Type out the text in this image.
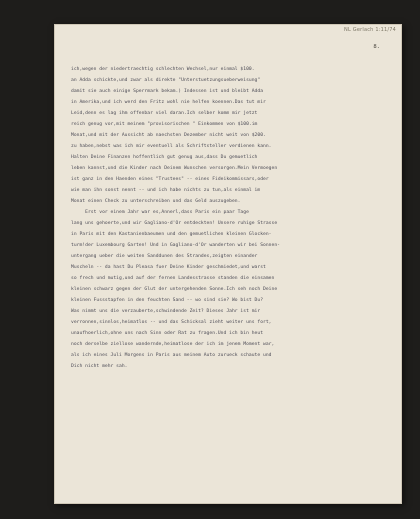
NL Gerlach 1:11/74
8.
ich,wegen der niedertraechtig schlechten Wechsel,nur einmal $100.
an Adda schickte,und zwar als direkte "Unterstuetzungsueberweisung"
damit sie auch einige Sperrmark bekam.) Indessen ist und bleibt Adda
in Amerika,und ich werd den Fritz wohl nie helfen koennen.Das tut mir
Leid,denn es lag ihm offenbar viel daran.Ich selber komm mir jetzt
reich genug vor,mit meinem "provisorischen " Einkommen von $100.im
Monat,und mit der Aussicht ab naechsten Dezember nicht weit von $200.
zu haben,nebst was ich mir eventuell als Schriftsteller verdienen kann.
Halten Deine Finanzen hoffentlich gut genug aus,dass Du gemuetlich
leben kannst,und die Kinder nach Deinem Wunschen versorgen.Mein Vermoegen
ist ganz in den Haenden eines "Trustees" -- eines Fideikommissars,oder
wie man ihn sonst nennt -- und ich habe nichts zu tun,als einmal im
Monat einen Check zu unterschreiben und das Geld auszugeben.
Erst vor einem Jahr war es,Annerl,dass Paris ein paar Tage
lang uns gehoerte,und wir Gagliano-d'Or entdeckten! Unsere ruhige Strasse
in Paris mit den Kastanienbaeumen und den gemuetlichen kleinen Glocken-
turm!der Luxembourg Garten! Und in Gagliano-d'Or wanderten wir bei Sonnen-
untergang ueber die weiten Sanddunen des Strandes,zeigten einander
Muscheln -- da hast Du Pleasa fuer Deine Kinder geschmiedet,und warst
so frech und mutig,und auf der fernen Landesstrasse standen die einsamen
kleinen schwarz gegen der Glut der untergehenden Sonne.Ich seh noch Deine
kleinen Fussstapfen in den feuchten Sand -- wo sind sie? Wo bist Du?
Was nimmt uns die verzauberte,schwindende Zeit? Dieses Jahr ist mir
verronnen,sinnlos,heimatlos -- und das Schicksal zieht weiter uns fort,
unaufhoerlich,ohne uns nach Sinn oder Rat zu fragen.Und ich bin heut
noch derselbe ziellose wandernde,heimatlose der ich im jenem Moment war,
als ich eines Juli Morgens in Paris aus meinem Auto zurueck schaute und
Dich nicht mehr sah.
